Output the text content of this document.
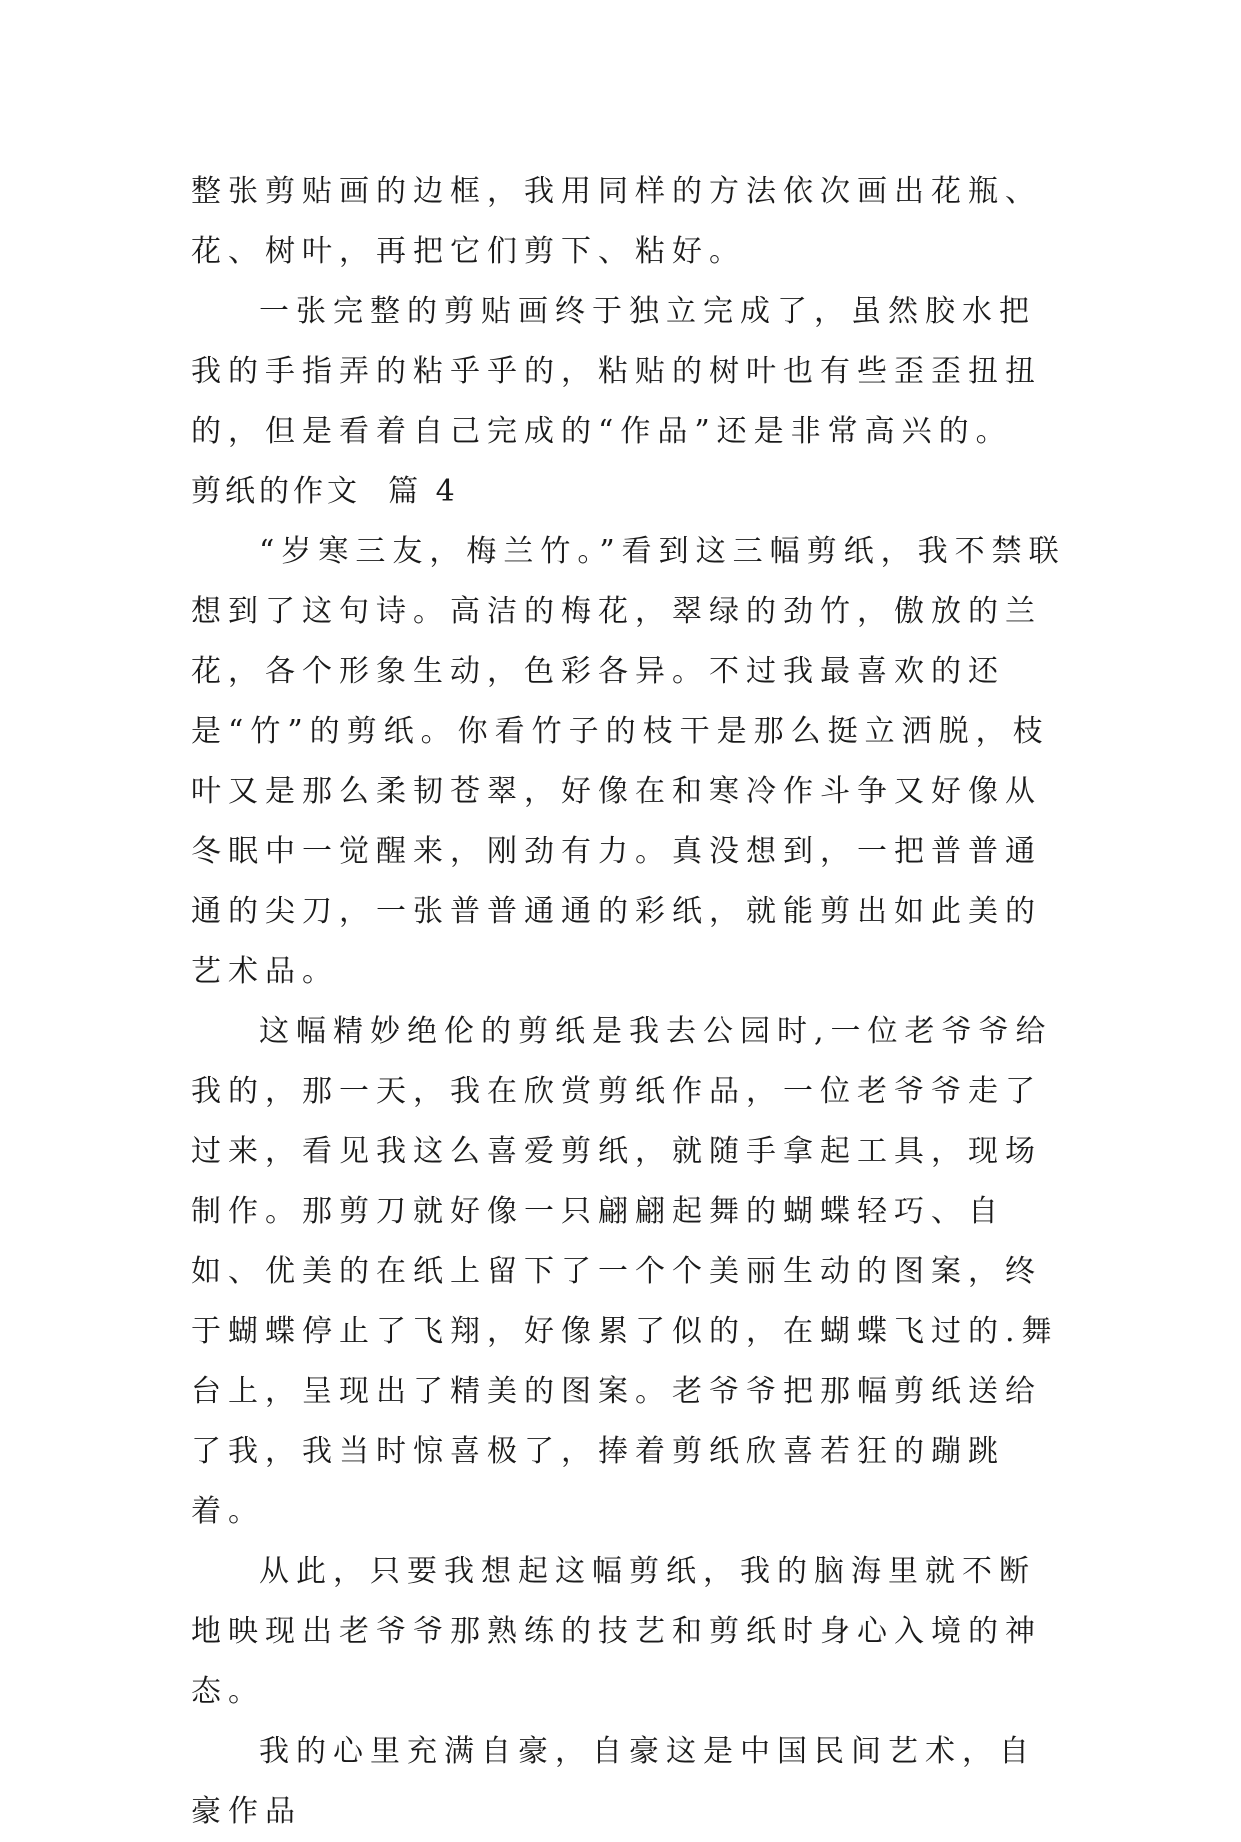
整张剪贴画的边框，我用同样的方法依次画出花瓶、花、树叶，再把它们剪下、粘好。

一张完整的剪贴画终于独立完成了，虽然胶水把我的手指弄的粘乎乎的，粘贴的树叶也有些歪歪扭扭的，但是看着自己完成的“作品”还是非常高兴的。

剪纸的作文  篇 4

“岁寒三友，梅兰竹。”看到这三幅剪纸，我不禁联想到了这句诗。高洁的梅花，翠绿的劲竹，傲放的兰花，各个形象生动，色彩各异。不过我最喜欢的还是“竹”的剪纸。你看竹子的枝干是那么挺立洒脱，枝叶又是那么柔韧苍翠，好像在和寒冷作斗争又好像从冬眠中一觉醒来，刚劲有力。真没想到，一把普普通通的尖刀，一张普普通通的彩纸，就能剪出如此美的艺术品。

这幅精妙绝伦的剪纸是我去公园时,一位老爷爷给我的，那一天，我在欣赏剪纸作品，一位老爷爷走了过来，看见我这么喜爱剪纸，就随手拿起工具，现场制作。那剪刀就好像一只翩翩起舞的蝴蝶轻巧、自如、优美的在纸上留下了一个个美丽生动的图案，终于蝴蝶停止了飞翔，好像累了似的，在蝴蝶飞过的.舞台上，呈现出了精美的图案。老爷爷把那幅剪纸送给了我，我当时惊喜极了，捧着剪纸欣喜若狂的蹦跳着。

从此，只要我想起这幅剪纸，我的脑海里就不断地映现出老爷爷那熟练的技艺和剪纸时身心入境的神态。

我的心里充满自豪，自豪这是中国民间艺术，自豪作品
